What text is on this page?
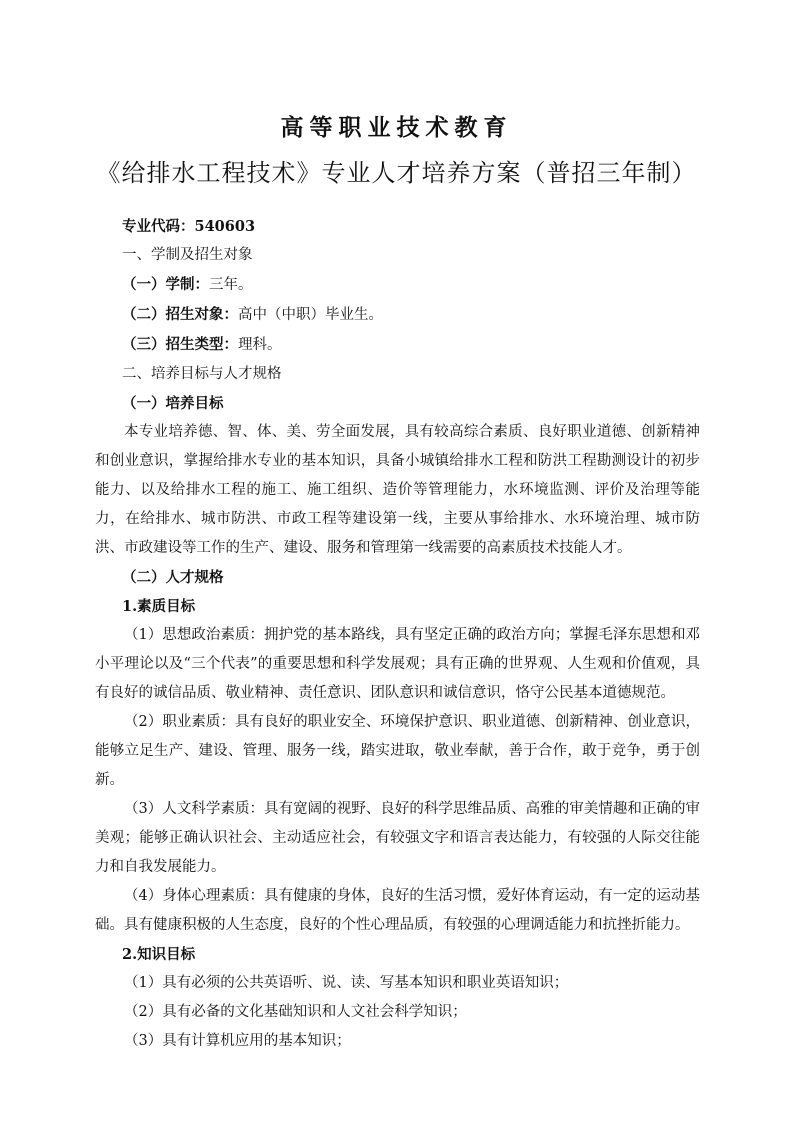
高等职业技术教育
《给排水工程技术》专业人才培养方案（普招三年制）

专业代码：540603

一、学制及招生对象

（一）学制：三年。

（二）招生对象：高中（中职）毕业生。

（三）招生类型：理科。

二、培养目标与人才规格

（一）培养目标

本专业培养德、智、体、美、劳全面发展，具有较高综合素质、良好职业道德、创新精神和创业意识，掌握给排水专业的基本知识，具备小城镇给排水工程和防洪工程勘测设计的初步能力、以及给排水工程的施工、施工组织、造价等管理能力，水环境监测、评价及治理等能力，在给排水、城市防洪、市政工程等建设第一线，主要从事给排水、水环境治理、城市防洪、市政建设等工作的生产、建设、服务和管理第一线需要的高素质技术技能人才。

（二）人才规格

1.素质目标

（1）思想政治素质：拥护党的基本路线，具有坚定正确的政治方向；掌握毛泽东思想和邓小平理论以及“三个代表”的重要思想和科学发展观；具有正确的世界观、人生观和价值观，具有良好的诚信品质、敬业精神、责任意识、团队意识和诚信意识，恪守公民基本道德规范。

（2）职业素质：具有良好的职业安全、环境保护意识、职业道德、创新精神、创业意识，能够立足生产、建设、管理、服务一线，踏实进取，敬业奉献，善于合作，敢于竞争，勇于创新。

（3）人文科学素质：具有宽阔的视野、良好的科学思维品质、高雅的审美情趣和正确的审美观；能够正确认识社会、主动适应社会，有较强文字和语言表达能力，有较强的人际交往能力和自我发展能力。

（4）身体心理素质：具有健康的身体，良好的生活习惯，爱好体育运动，有一定的运动基础。具有健康积极的人生态度，良好的个性心理品质，有较强的心理调适能力和抗挫折能力。

2.知识目标

（1）具有必须的公共英语听、说、读、写基本知识和职业英语知识；

（2）具有必备的文化基础知识和人文社会科学知识；

（3）具有计算机应用的基本知识；
